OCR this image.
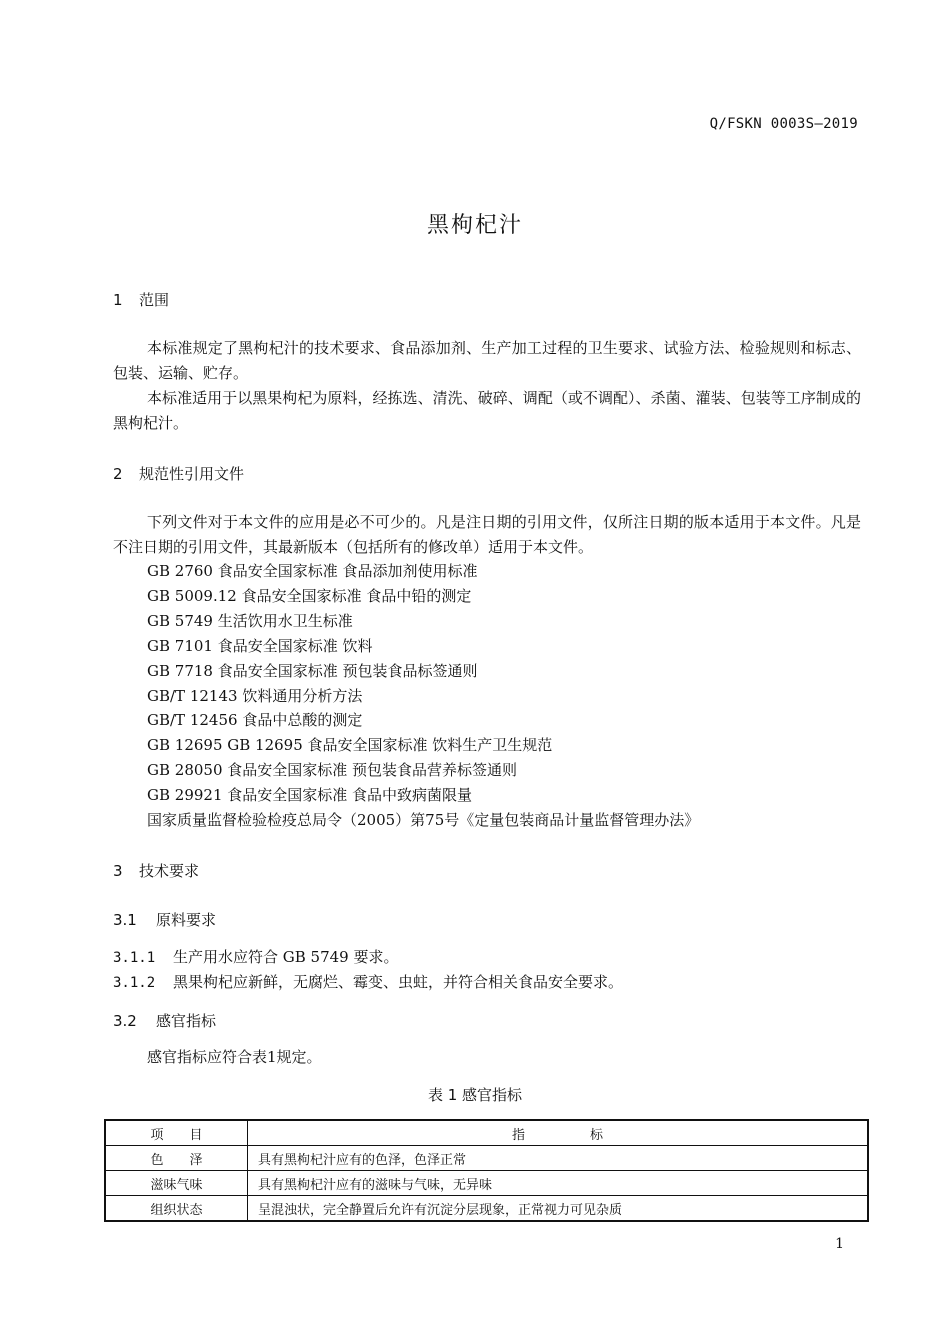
Q/FSKN 0003S—2019
黑枸杞汁
1 范围
本标准规定了黑枸杞汁的技术要求、食品添加剂、生产加工过程的卫生要求、试验方法、检验规则和标志、包装、运输、贮存。
本标准适用于以黑果枸杞为原料，经拣选、清洗、破碎、调配（或不调配）、杀菌、灌装、包装等工序制成的黑枸杞汁。
2 规范性引用文件
下列文件对于本文件的应用是必不可少的。凡是注日期的引用文件，仅所注日期的版本适用于本文件。凡是不注日期的引用文件，其最新版本（包括所有的修改单）适用于本文件。
GB 2760 食品安全国家标准 食品添加剂使用标准
GB 5009.12 食品安全国家标准 食品中铅的测定
GB 5749 生活饮用水卫生标准
GB 7101 食品安全国家标准 饮料
GB 7718 食品安全国家标准 预包装食品标签通则
GB/T 12143 饮料通用分析方法
GB/T 12456 食品中总酸的测定
GB 12695 GB 12695 食品安全国家标准 饮料生产卫生规范
GB 28050 食品安全国家标准 预包装食品营养标签通则
GB 29921 食品安全国家标准 食品中致病菌限量
国家质量监督检验检疫总局令（2005）第75号《定量包装商品计量监督管理办法》
3 技术要求
3.1 原料要求
3.1.1 生产用水应符合 GB 5749 要求。
3.1.2 黑果枸杞应新鲜，无腐烂、霉变、虫蛀，并符合相关食品安全要求。
3.2 感官指标
感官指标应符合表1规定。
表 1 感官指标
项　　目	指　　　　　标
色　　泽	具有黑枸杞汁应有的色泽，色泽正常
滋味气味	具有黑枸杞汁应有的滋味与气味，无异味
组织状态	呈混浊状，完全静置后允许有沉淀分层现象，正常视力可见杂质
1
